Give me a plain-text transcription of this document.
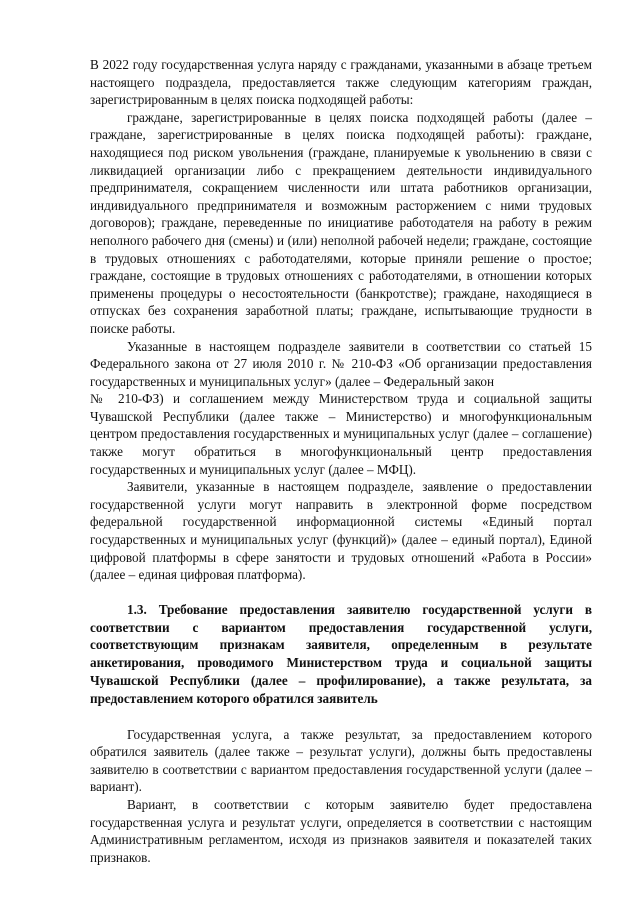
В 2022 году государственная услуга наряду с гражданами, указанными в абзаце третьем настоящего подраздела, предоставляется также следующим категориям граждан, зарегистрированным в целях поиска подходящей работы:

граждане, зарегистрированные в целях поиска подходящей работы (далее – граждане, зарегистрированные в целях поиска подходящей работы): граждане, находящиеся под риском увольнения (граждане, планируемые к увольнению в связи с ликвидацией организации либо с прекращением деятельности индивидуального предпринимателя, сокращением численности или штата работников организации, индивидуального предпринимателя и возможным расторжением с ними трудовых договоров); граждане, переведенные по инициативе работодателя на работу в режим неполного рабочего дня (смены) и (или) неполной рабочей недели; граждане, состоящие в трудовых отношениях с работодателями, которые приняли решение о простое; граждане, состоящие в трудовых отношениях с работодателями, в отношении которых применены процедуры о несостоятельности (банкротстве); граждане, находящиеся в отпусках без сохранения заработной платы; граждане, испытывающие трудности в поиске работы.

Указанные в настоящем подразделе заявители в соответствии со статьей 15 Федерального закона от 27 июля 2010 г. № 210-ФЗ «Об организации предоставления государственных и муниципальных услуг» (далее – Федеральный закон

№ 210-ФЗ) и соглашением между Министерством труда и социальной защиты Чувашской Республики (далее также – Министерство) и многофункциональным центром предоставления государственных и муниципальных услуг (далее – соглашение) также могут обратиться в многофункциональный центр предоставления государственных и муниципальных услуг (далее – МФЦ).

Заявители, указанные в настоящем подразделе, заявление о предоставлении государственной услуги могут направить в электронной форме посредством федеральной государственной информационной системы «Единый портал государственных и муниципальных услуг (функций)» (далее – единый портал), Единой цифровой платформы в сфере занятости и трудовых отношений «Работа в России» (далее – единая цифровая платформа).

1.3. Требование предоставления заявителю государственной услуги в соответствии с вариантом предоставления государственной услуги, соответствующим признакам заявителя, определенным в результате анкетирования, проводимого Министерством труда и социальной защиты Чувашской Республики (далее – профилирование), а также результата, за предоставлением которого обратился заявитель

Государственная услуга, а также результат, за предоставлением которого обратился заявитель (далее также – результат услуги), должны быть предоставлены заявителю в соответствии с вариантом предоставления государственной услуги (далее – вариант).

Вариант, в соответствии с которым заявителю будет предоставлена государственная услуга и результат услуги, определяется в соответствии с настоящим Административным регламентом, исходя из признаков заявителя и показателей таких признаков.
